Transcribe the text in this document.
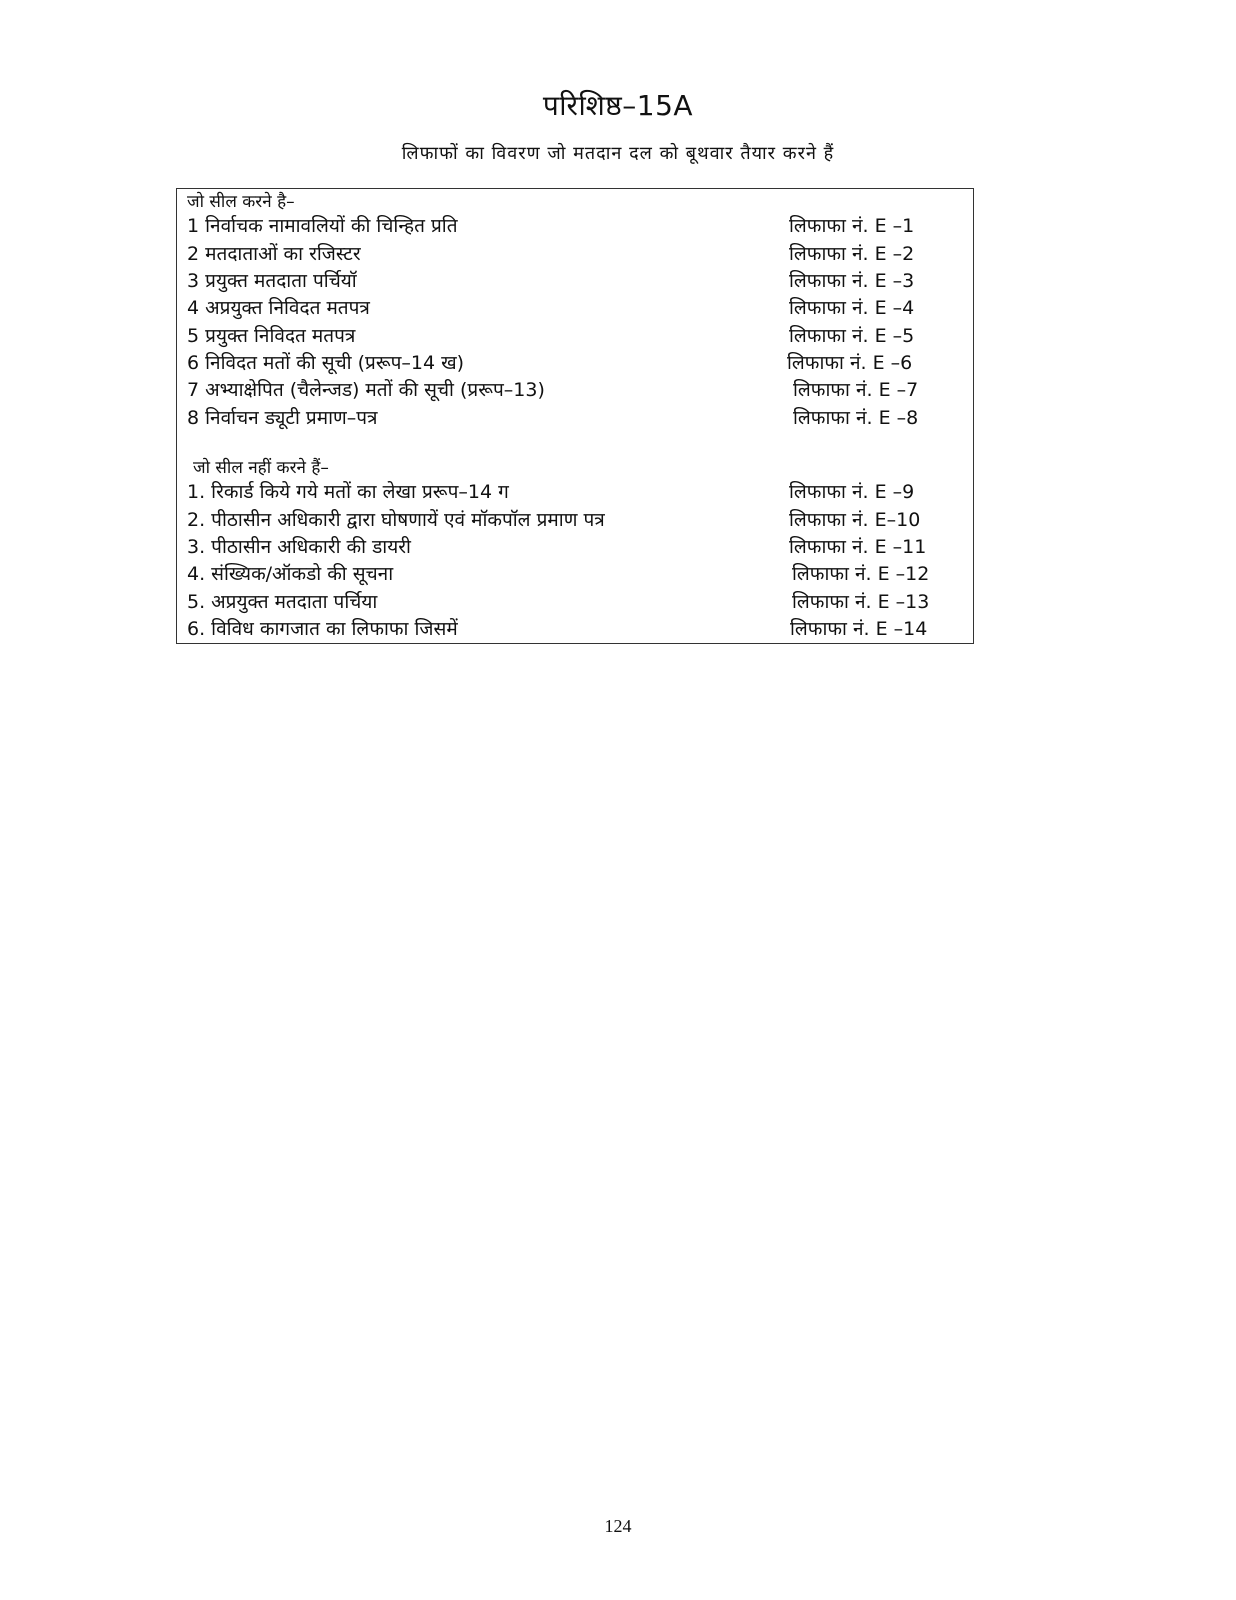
परिशिष्ठ–15A
लिफाफों का विवरण जो मतदान दल को बूथवार तैयार करने हैं
जो सील करने है–
1 निर्वाचक नामावलियों की चिन्हित प्रति	लिफाफा नं. E –1
2 मतदाताओं का रजिस्टर	लिफाफा नं. E –2
3 प्रयुक्त मतदाता पर्चियॉ	लिफाफा नं. E –3
4 अप्रयुक्त निविदत मतपत्र	लिफाफा नं. E –4
5 प्रयुक्त निविदत मतपत्र	लिफाफा नं. E –5
6 निविदत मतों की सूची (प्ररूप–14 ख)	लिफाफा नं. E –6
7 अभ्याक्षेपित (चैलेन्जड) मतों की सूची (प्ररूप–13)	लिफाफा नं. E –7
8 निर्वाचन ड्यूटी प्रमाण–पत्र	लिफाफा नं. E –8
जो सील नहीं करने हैं–
1. रिकार्ड किये गये मतों का लेखा प्ररूप–14 ग	लिफाफा नं. E –9
2. पीठासीन अधिकारी द्वारा घोषणायें एवं मॉकपॉल प्रमाण पत्र	लिफाफा नं. E–10
3. पीठासीन अधिकारी की डायरी	लिफाफा नं. E –11
4. संख्यिक/ऑकडो की सूचना	लिफाफा नं. E –12
5. अप्रयुक्त मतदाता पर्चिया	लिफाफा नं. E –13
6. विविध कागजात का लिफाफा जिसमें	लिफाफा नं. E –14
124
